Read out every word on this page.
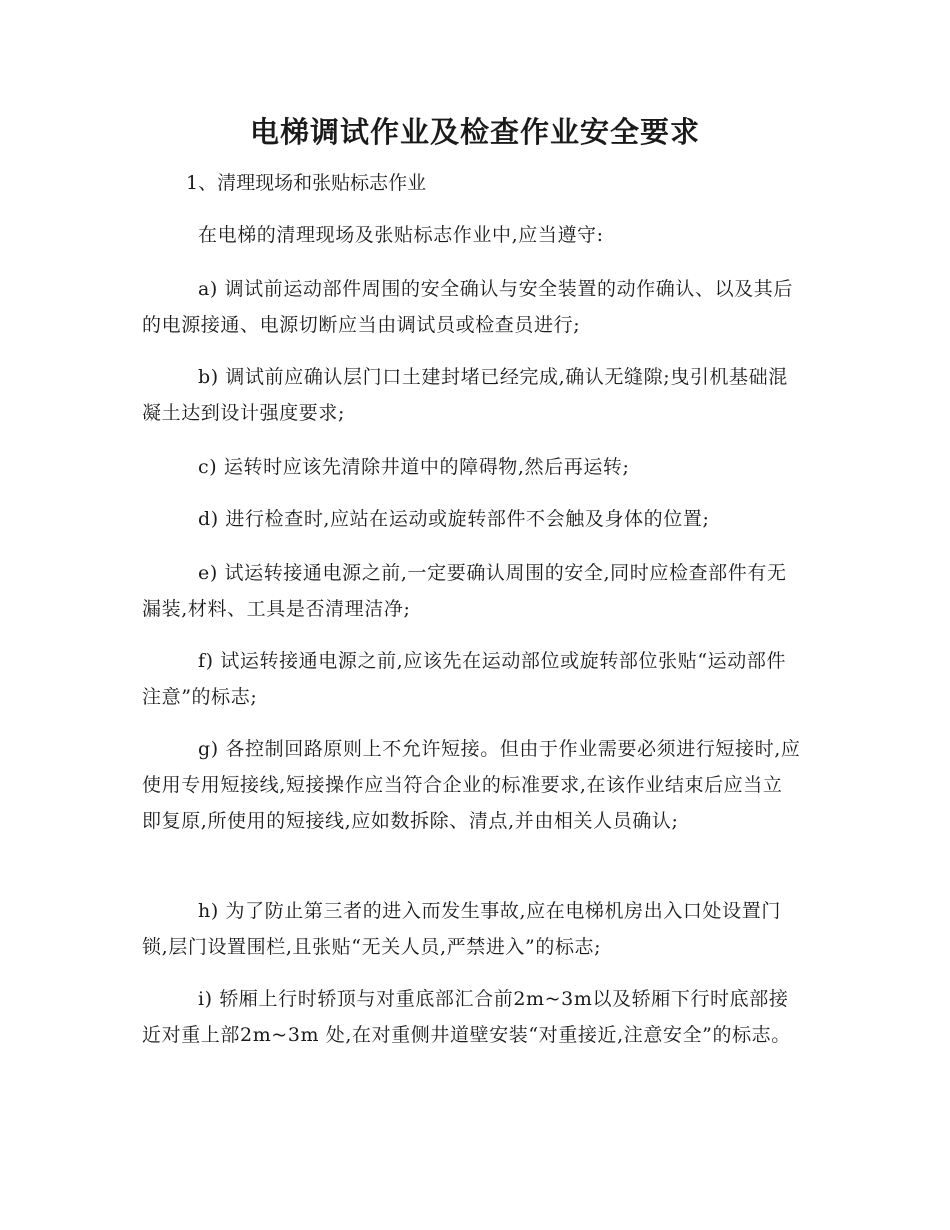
电梯调试作业及检查作业安全要求

1、清理现场和张贴标志作业

在电梯的清理现场及张贴标志作业中,应当遵守:

a) 调试前运动部件周围的安全确认与安全装置的动作确认、以及其后的电源接通、电源切断应当由调试员或检查员进行;

b) 调试前应确认层门口土建封堵已经完成,确认无缝隙;曳引机基础混凝土达到设计强度要求;

c) 运转时应该先清除井道中的障碍物,然后再运转;

d) 进行检查时,应站在运动或旋转部件不会触及身体的位置;

e) 试运转接通电源之前,一定要确认周围的安全,同时应检查部件有无漏装,材料、工具是否清理洁净;

f) 试运转接通电源之前,应该先在运动部位或旋转部位张贴“运动部件注意”的标志;

g) 各控制回路原则上不允许短接。但由于作业需要必须进行短接时,应使用专用短接线,短接操作应当符合企业的标准要求,在该作业结束后应当立即复原,所使用的短接线,应如数拆除、清点,并由相关人员确认;

h) 为了防止第三者的进入而发生事故,应在电梯机房出入口处设置门锁,层门设置围栏,且张贴“无关人员,严禁进入”的标志;

i) 轿厢上行时轿顶与对重底部汇合前2m~3m以及轿厢下行时底部接近对重上部2m~3m 处,在对重侧井道壁安装“对重接近,注意安全”的标志。
